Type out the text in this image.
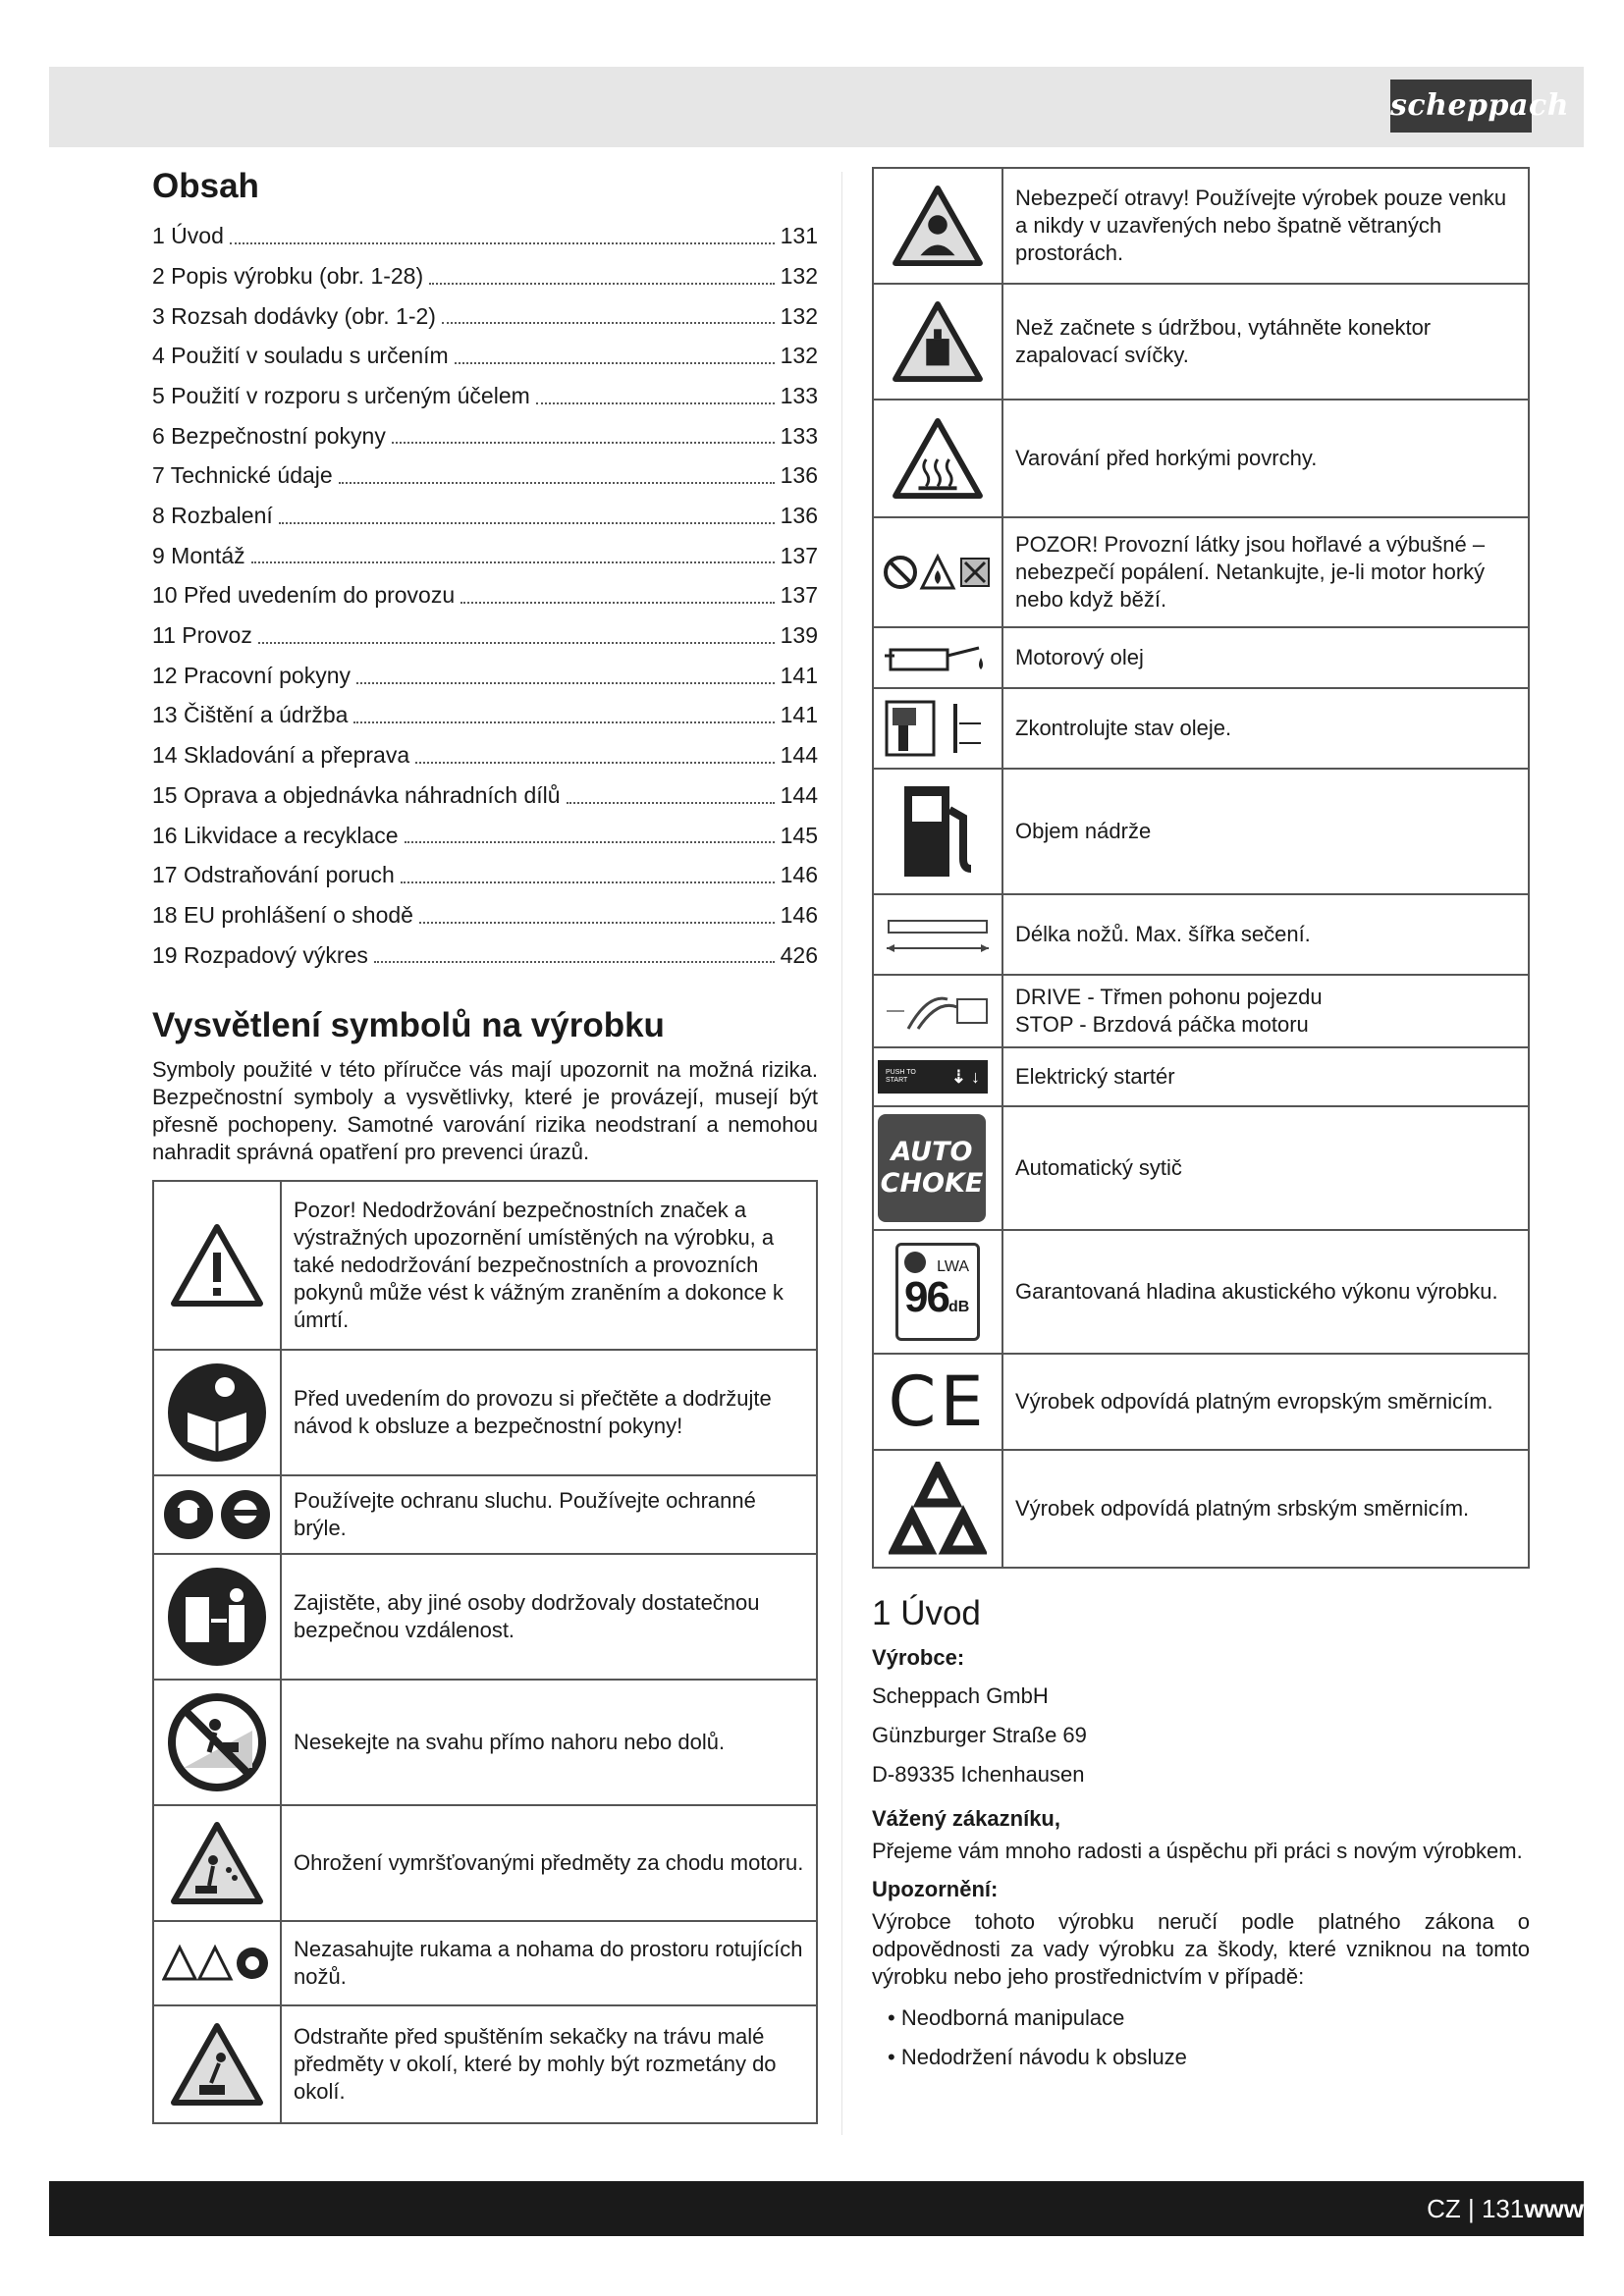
scheppach
Obsah
1 Úvod	131
2 Popis výrobku (obr. 1-28)	132
3 Rozsah dodávky (obr. 1-2)	132
4 Použití v souladu s určením	132
5 Použití v rozporu s určeným účelem	133
6 Bezpečnostní pokyny	133
7 Technické údaje	136
8 Rozbalení	136
9 Montáž	137
10 Před uvedením do provozu	137
11 Provoz	139
12 Pracovní pokyny	141
13 Čištění a údržba	141
14 Skladování a přeprava	144
15 Oprava a objednávka náhradních dílů	144
16 Likvidace a recyklace	145
17 Odstraňování poruch	146
18 EU prohlášení o shodě	146
19 Rozpadový výkres	426
Vysvětlení symbolů na výrobku

Symboly použité v této příručce vás mají upozornit na možná rizika. Bezpečnostní symboly a vysvětlivky, které je provázejí, musejí být přesně pochopeny. Samotné varování rizika neodstraní a nemohou nahradit správná opatření pro prevenci úrazů.

	Pozor! Nedodržování bezpečnostních značek a výstražných upozornění umístěných na výrobku, a také nedodržování bezpečnostních a provozních pokynů může vést k vážným zraněním a dokonce k úmrtí.
	Před uvedením do provozu si přečtěte a dodržujte návod k obsluze a bezpečnostní pokyny!
	Používejte ochranu sluchu. Používejte ochranné brýle.
	Zajistěte, aby jiné osoby dodržovaly dostatečnou bezpečnou vzdálenost.
	Nesekejte na svahu přímo nahoru nebo dolů.
	Ohrožení vymršťovanými předměty za chodu motoru.
	Nezasahujte rukama a nohama do prostoru rotujících nožů.
	Odstraňte před spuštěním sekačky na trávu malé předměty v okolí, které by mohly být rozmetány do okolí.
	Nebezpečí otravy! Používejte výrobek pouze venku a nikdy v uzavřených nebo špatně větraných prostorách.
	Než začnete s údržbou, vytáhněte konektor zapalovací svíčky.
	Varování před horkými povrchy.
	POZOR! Provozní látky jsou hořlavé a výbušné – nebezpečí popálení. Netankujte, je-li motor horký nebo když běží.
	Motorový olej
	Zkontrolujte stav oleje.
	Objem nádrže
	Délka nožů. Max. šířka sečení.
	DRIVE - Třmen pohonu pojezdu
STOP - Brzdová páčka motoru

PUSH TO START ⇣ ↓	Elektrický startér

AUTO
CHOKE	Automatický sytič

LWA
96dB	Garantovaná hladina akustického výkonu výrobku.
CE	Výrobek odpovídá platným evropským směrnicím.
	Výrobek odpovídá platným srbským směrnicím.
1 Úvod
Výrobce:
Scheppach GmbH
Günzburger Straße 69
D-89335 Ichenhausen
Vážený zákazníku,

Přejeme vám mnoho radosti a úspěchu při práci s novým výrobkem.

Upozornění:

Výrobce tohoto výrobku neručí podle platného zákona o odpovědnosti za vady výrobku za škody, které vzniknou na tomto výrobku nebo jeho prostřednictvím v případě:

• Neodborná manipulace
• Nedodržení návodu k obsluze
CZ | 131www
